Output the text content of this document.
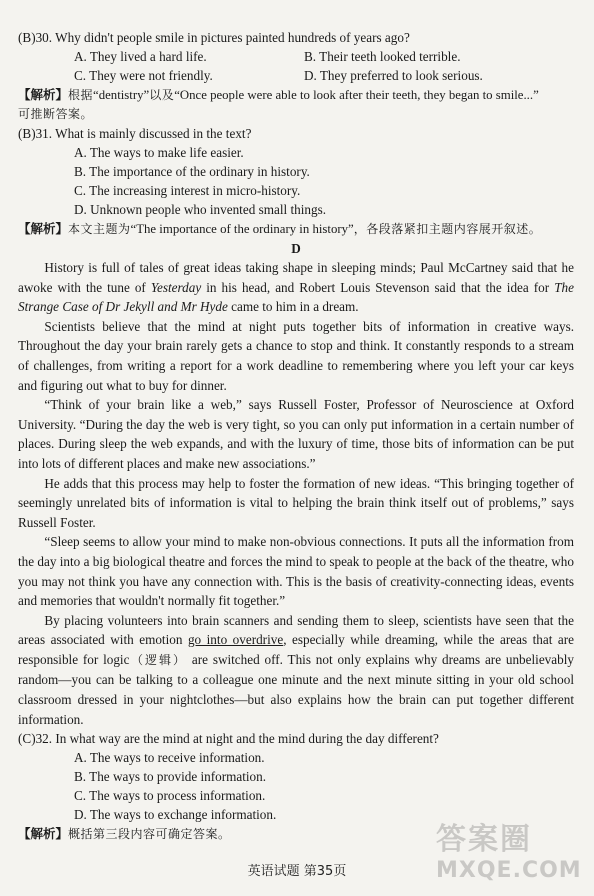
(B)30. Why didn't people smile in pictures painted hundreds of years ago?
A. They lived a hard life.	B. Their teeth looked terrible.
C. They were not friendly.	D. They preferred to look serious.
【解析】根据“dentistry”以及“Once people were able to look after their teeth, they began to smile...”
可推断答案。
(B)31. What is mainly discussed in the text?
A. The ways to make life easier.
B. The importance of the ordinary in history.
C. The increasing interest in micro-history.
D. Unknown people who invented small things.
【解析】本文主题为“The importance of the ordinary in history”，各段落紧扣主题内容展开叙述。
D

History is full of tales of great ideas taking shape in sleeping minds; Paul McCartney said that he awoke with the tune of Yesterday in his head, and Robert Louis Stevenson said that the idea for The Strange Case of Dr Jekyll and Mr Hyde came to him in a dream.

Scientists believe that the mind at night puts together bits of information in creative ways. Throughout the day your brain rarely gets a chance to stop and think. It constantly responds to a stream of challenges, from writing a report for a work deadline to remembering where you left your car keys and figuring out what to buy for dinner.

“Think of your brain like a web,” says Russell Foster, Professor of Neuroscience at Oxford University. “During the day the web is very tight, so you can only put information in a certain number of places. During sleep the web expands, and with the luxury of time, those bits of information can be put into lots of different places and make new associations.”

He adds that this process may help to foster the formation of new ideas. “This bringing together of seemingly unrelated bits of information is vital to helping the brain think itself out of problems,” says Russell Foster.

“Sleep seems to allow your mind to make non-obvious connections. It puts all the information from the day into a big biological theatre and forces the mind to speak to people at the back of the theatre, who you may not think you have any connection with. This is the basis of creativity-connecting ideas, events and memories that wouldn't normally fit together.”

By placing volunteers into brain scanners and sending them to sleep, scientists have seen that the areas associated with emotion go into overdrive, especially while dreaming, while the areas that are responsible for logic（逻辑） are switched off. This not only explains why dreams are unbelievably random—you can be talking to a colleague one minute and the next minute sitting in your old school classroom dressed in your nightclothes—but also explains how the brain can put together different information.

(C)32. In what way are the mind at night and the mind during the day different?
A. The ways to receive information.
B. The ways to provide information.
C. The ways to process information.
D. The ways to exchange information.
【解析】概括第三段内容可确定答案。
英语试题 第35页
答案圈
MXQE.COM
